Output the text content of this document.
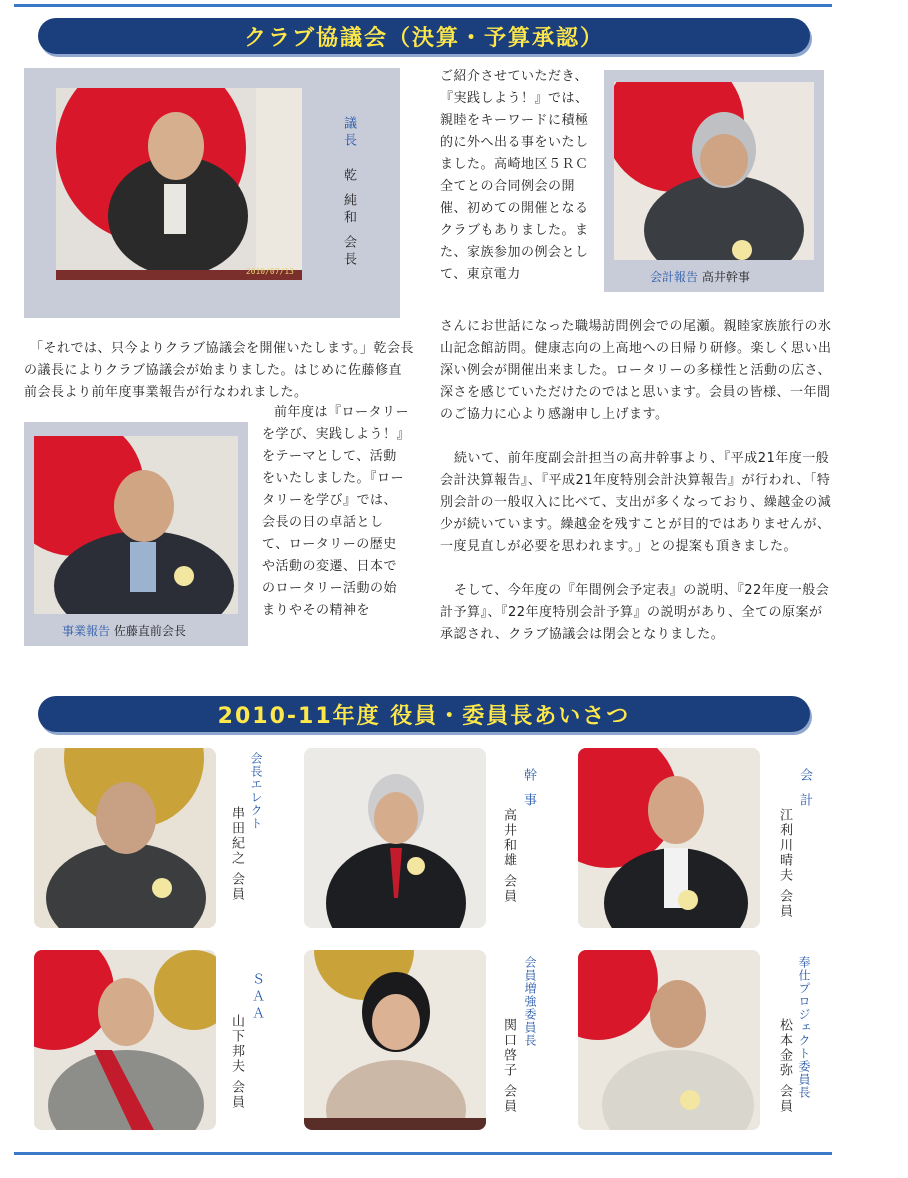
クラブ協議会（決算・予算承認）
2010/07/13
議長
乾 純和 会長

「それでは、只今よりクラブ協議会を開催いたします。」乾会長の議長によりクラブ協議会が始まりました。はじめに佐藤修直前会長より前年度事業報告が行なわれました。

事業報告 佐藤直前会長

前年度は『ロータリーを学び、実践しよう！』をテーマとして、活動をいたしました。『ロータリーを学び』では、会長の日の卓話として、ロータリーの歴史や活動の変遷、日本でのロータリー活動の始まりやその精神を

ご紹介させていただき、『実践しよう！』では、親睦をキーワードに積極的に外へ出る事をいたしました。高崎地区５ＲＣ全てとの合同例会の開催、初めての開催となるクラブもありました。また、家族参加の例会として、東京電力	会計報告 高井幹事

さんにお世話になった職場訪問例会での尾瀬。親睦家族旅行の氷山記念館訪問。健康志向の上高地への日帰り研修。楽しく思い出深い例会が開催出来ました。ロータリーの多様性と活動の広さ、深さを感じていただけたのではと思います。会員の皆様、一年間のご協力に心より感謝申し上げます。

続いて、前年度副会計担当の高井幹事より、『平成21年度一般会計決算報告』、『平成21年度特別会計決算報告』が行われ、「特別会計の一般収入に比べて、支出が多くなっており、繰越金の減少が続いています。繰越金を残すことが目的ではありませんが、一度見直しが必要を思われます。」との提案も頂きました。

そして、今年度の『年間例会予定表』の説明、『22年度一般会計予算』、『22年度特別会計予算』の説明があり、全ての原案が承認され、クラブ協議会は閉会となりました。

2010-11年度 役員・委員長あいさつ
会長エレクト
串田紀之 会員
幹 事
高井和雄 会員
会 計
江利川晴夫 会員
ＳＡＡ
山下邦夫 会員
会員増強委員長
関口啓子 会員	奉仕プロジェクト委員長
松本金弥 会員
